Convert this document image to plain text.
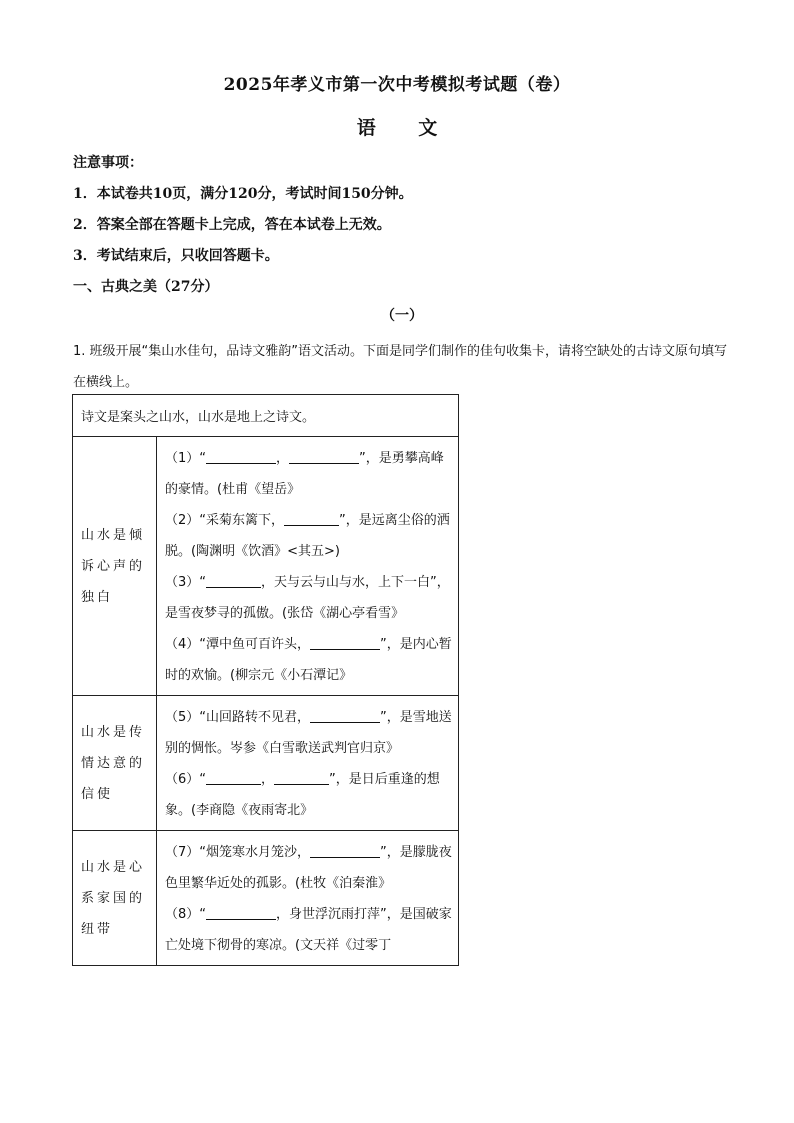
2025年孝义市第一次中考模拟考试题（卷）
语 文
注意事项：
1．本试卷共10页，满分120分，考试时间150分钟。
2．答案全部在答题卡上完成，答在本试卷上无效。
3．考试结束后，只收回答题卡。
一、古典之美（27分）
（一）
1. 班级开展“集山水佳句，品诗文雅韵”语文活动。下面是同学们制作的佳句收集卡，请将空缺处的古诗文原句填写在横线上。
诗文是案头之山水，山水是地上之诗文。	

山水是倾诉心声的独白	（1）“ ， ”，是勇攀高峰的豪情。(杜甫《望岳》
（2）“采菊东篱下， ”，是远离尘俗的洒脱。(陶渊明《饮酒》<其五>)
（3）“ ，天与云与山与水，上下一白”，是雪夜梦寻的孤傲。(张岱《湖心亭看雪》
（4）“潭中鱼可百许头， ”，是内心暂时的欢愉。(柳宗元《小石潭记》

山水是传情达意的信使	（5）“山回路转不见君， ”，是雪地送别的惆怅。岑参《白雪歌送武判官归京》
（6）“ ， ”，是日后重逢的想象。(李商隐《夜雨寄北》

山水是心系家国的纽带	（7）“烟笼寒水月笼沙， ”，是朦胧夜色里繁华近处的孤影。(杜牧《泊秦淮》
（8）“ ，身世浮沉雨打萍”，是国破家亡处境下彻骨的寒凉。(文天祥《过零丁
